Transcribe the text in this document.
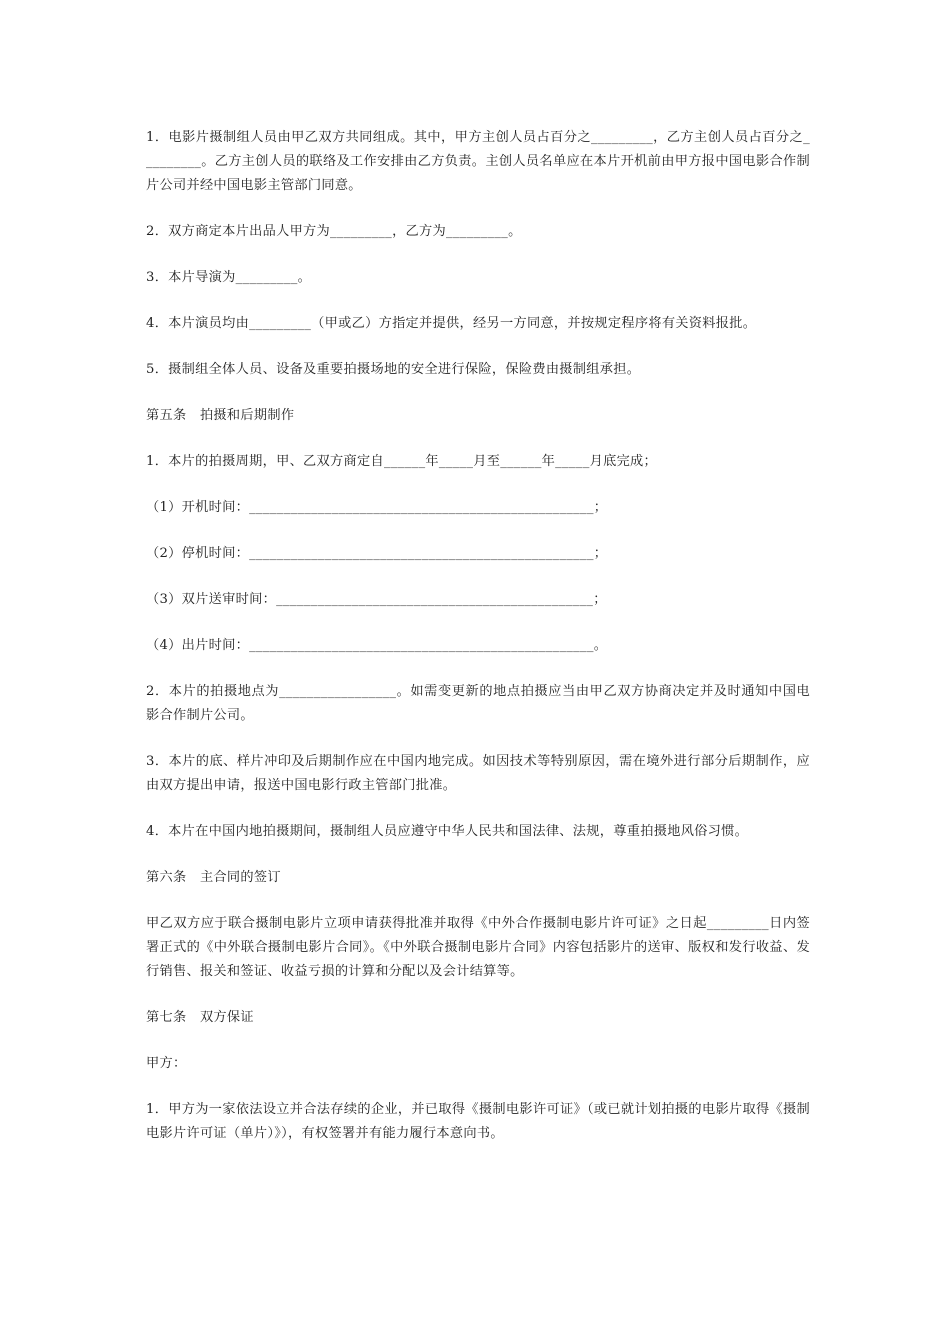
1．电影片摄制组人员由甲乙双方共同组成。其中，甲方主创人员占百分之_________，乙方主创人员占百分之_________。乙方主创人员的联络及工作安排由乙方负责。主创人员名单应在本片开机前由甲方报中国电影合作制片公司并经中国电影主管部门同意。

2．双方商定本片出品人甲方为_________，乙方为_________。

3．本片导演为_________。

4．本片演员均由_________（甲或乙）方指定并提供，经另一方同意，并按规定程序将有关资料报批。

5．摄制组全体人员、设备及重要拍摄场地的安全进行保险，保险费由摄制组承担。

第五条　拍摄和后期制作

1．本片的拍摄周期，甲、乙双方商定自______年_____月至______年_____月底完成；

（1）开机时间：__________________________________________________；

（2）停机时间：__________________________________________________；

（3）双片送审时间：______________________________________________；

（4）出片时间：__________________________________________________。

2．本片的拍摄地点为_________________。如需变更新的地点拍摄应当由甲乙双方协商决定并及时通知中国电影合作制片公司。

3．本片的底、样片冲印及后期制作应在中国内地完成。如因技术等特别原因，需在境外进行部分后期制作，应由双方提出申请，报送中国电影行政主管部门批准。

4．本片在中国内地拍摄期间，摄制组人员应遵守中华人民共和国法律、法规，尊重拍摄地风俗习惯。

第六条　主合同的签订

甲乙双方应于联合摄制电影片立项申请获得批准并取得《中外合作摄制电影片许可证》之日起_________日内签署正式的《中外联合摄制电影片合同》。《中外联合摄制电影片合同》内容包括影片的送审、版权和发行收益、发行销售、报关和签证、收益亏损的计算和分配以及会计结算等。

第七条　双方保证

甲方：

1．甲方为一家依法设立并合法存续的企业，并已取得《摄制电影许可证》（或已就计划拍摄的电影片取得《摄制电影片许可证（单片）》），有权签署并有能力履行本意向书。
